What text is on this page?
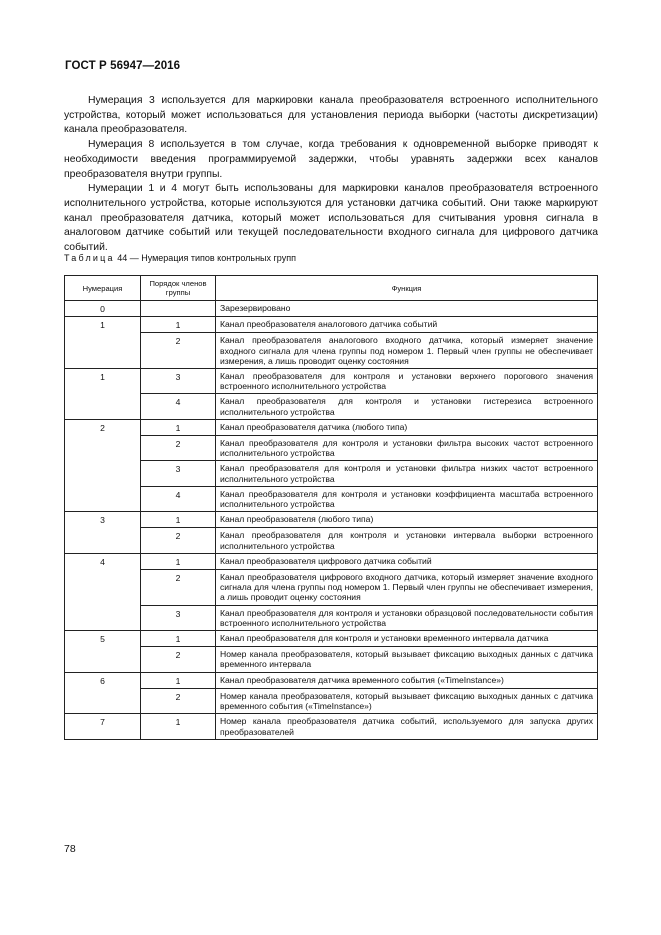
ГОСТ Р 56947—2016

Нумерация 3 используется для маркировки канала преобразователя встроенного исполнительного устройства, который может использоваться для установления периода выборки (частоты дискретизации) канала преобразователя.

Нумерация 8 используется в том случае, когда требования к одновременной выборке приводят к необходимости введения программируемой задержки, чтобы уравнять задержки всех каналов преобразователя внутри группы.

Нумерации 1 и 4 могут быть использованы для маркировки каналов преобразователя встроенного исполнительного устройства, которые используются для установки датчика событий. Они также маркируют канал преобразователя датчика, который может использоваться для считывания уровня сигнала в аналоговом датчике событий или текущей последовательности входного сигнала для цифрового датчика событий.

Таблица 44 — Нумерация типов контрольных групп
Нумерация	Порядок членов группы	Функция
0		Зарезервировано
1	1	Канал преобразователя аналогового датчика событий
	2	Канал преобразователя аналогового входного датчика, который измеряет значение входного сигнала для члена группы под номером 1. Первый член группы не обеспечивает измерения, а лишь проводит оценку состояния
1	3	Канал преобразователя для контроля и установки верхнего порогового значения встроенного исполнительного устройства
	4	Канал преобразователя для контроля и установки гистерезиса встроенного исполнительного устройства
2	1	Канал преобразователя датчика (любого типа)
	2	Канал преобразователя для контроля и установки фильтра высоких частот встроенного исполнительного устройства
	3	Канал преобразователя для контроля и установки фильтра низких частот встроенного исполнительного устройства
	4	Канал преобразователя для контроля и установки коэффициента масштаба встроенного исполнительного устройства
3	1	Канал преобразователя (любого типа)
	2	Канал преобразователя для контроля и установки интервала выборки встроенного исполнительного устройства
4	1	Канал преобразователя цифрового датчика событий
	2	Канал преобразователя цифрового входного датчика, который измеряет значение входного сигнала для члена группы под номером 1. Первый член группы не обеспечивает измерения, а лишь проводит оценку состояния
	3	Канал преобразователя для контроля и установки образцовой последовательности события встроенного исполнительного устройства
5	1	Канал преобразователя для контроля и установки временного интервала датчика
	2	Номер канала преобразователя, который вызывает фиксацию выходных данных с датчика временного интервала
6	1	Канал преобразователя датчика временного события («TimeInstance»)
	2	Номер канала преобразователя, который вызывает фиксацию выходных данных с датчика временного события («TimeInstance»)
7	1	Номер канала преобразователя датчика событий, используемого для запуска других преобразователей
78
